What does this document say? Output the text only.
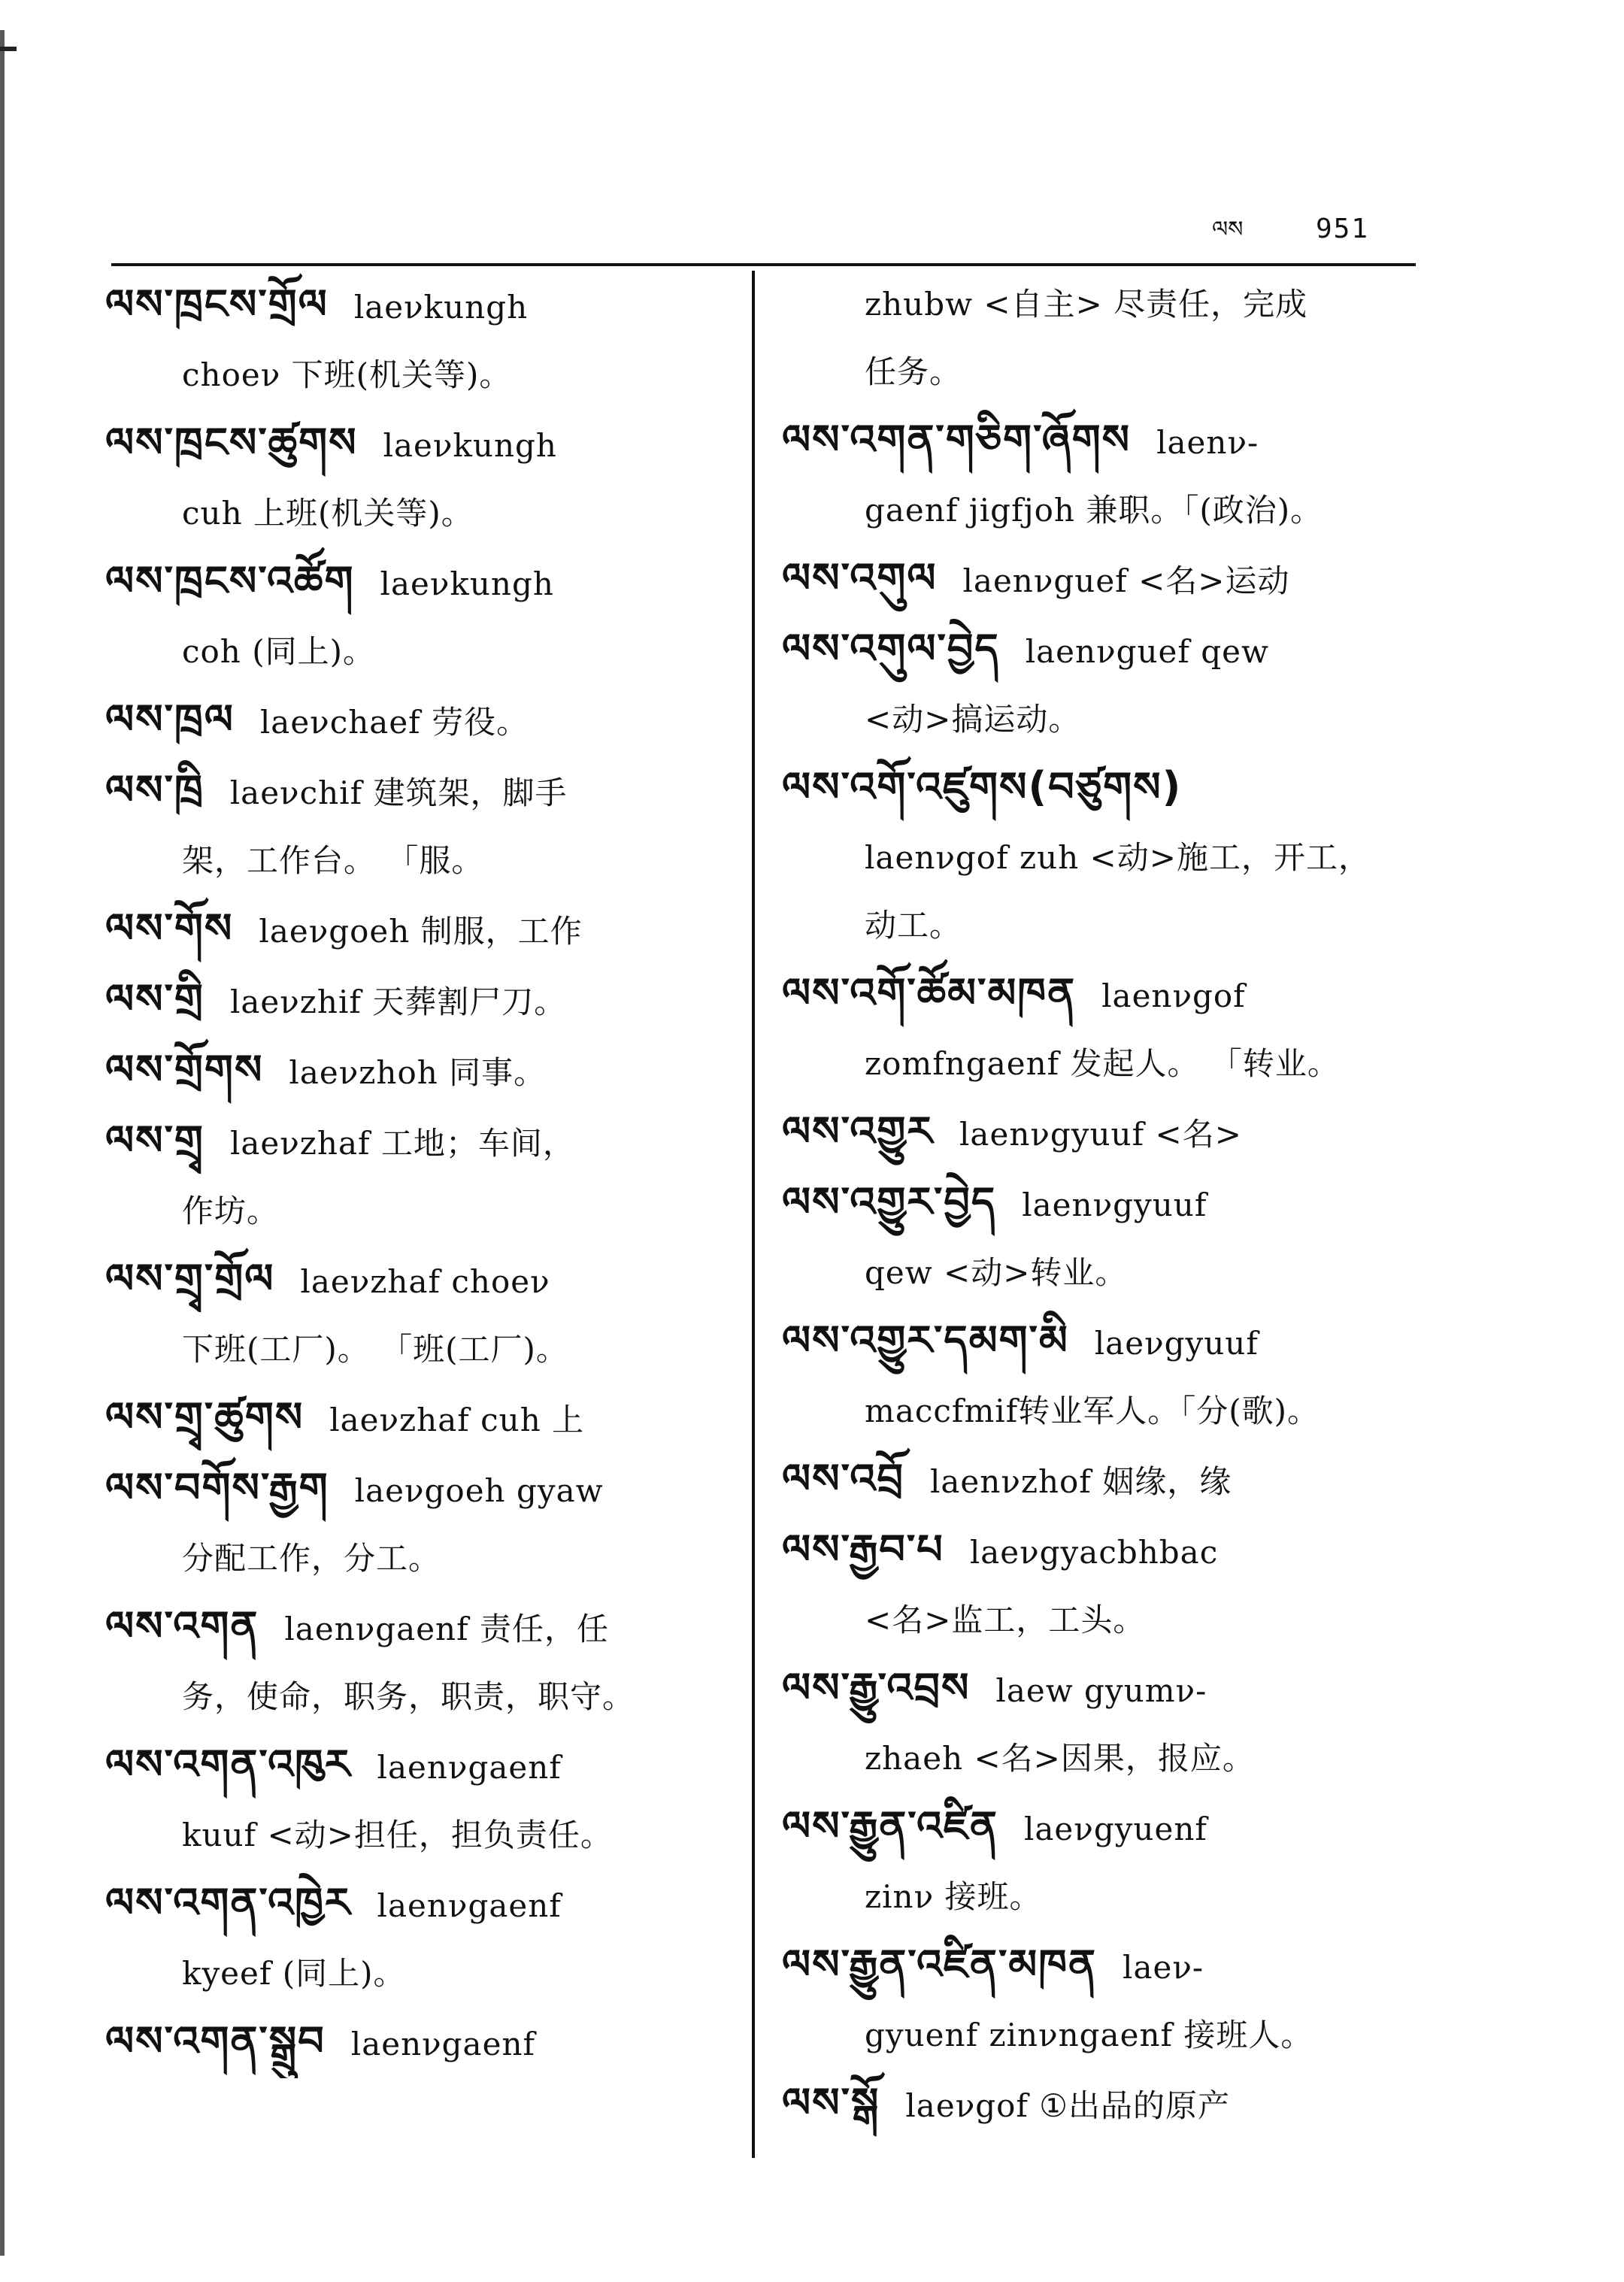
ལས	951
ལས་ཁྲངས་གྲོལ laeνkungh
choeν 下班(机关等)。
ལས་ཁྲངས་ཚུགས laeνkungh
cuh 上班(机关等)。
ལས་ཁྲངས་འཚོག laeνkungh
coh (同上)。
ལས་ཁྲལ laeνchaef 劳役。
ལས་ཁྲི laeνchif 建筑架，脚手
架，工作台。 「服。
ལས་གོས laeνgoeh 制服，工作
ལས་གྲི laeνzhif 天葬割尸刀。
ལས་གྲོགས laeνzhoh 同事。
ལས་གྲྭ laeνzhaf 工地；车间，
作坊。
ལས་གྲྭ་གྲོལ laeνzhaf choeν
下班(工厂)。 「班(工厂)。
ལས་གྲྭ་ཚུགས laeνzhaf cuh 上
ལས་བགོས་རྒྱག laeνgoeh gyaw
分配工作，分工。
ལས་འགན laenνgaenf 责任，任
务，使命，职务，职责，职守。
ལས་འགན་འཁུར laenνgaenf
kuuf <动>担任，担负责任。
ལས་འགན་འཁྱེར laenνgaenf
kyeef (同上)。
ལས་འགན་སྒྲུབ laenνgaenf
zhubw <自主> 尽责任，完成
任务。
ལས་འགན་གཅིག་ཞོགས laenν-
gaenf jigfjoh 兼职。「(政治)。
ལས་འགུལ laenνguef <名>运动
ལས་འགུལ་བྱེད laenνguef qew
<动>搞运动。
ལས་འགོ་འཛུགས(བཙུགས)
laenνgof zuh <动>施工，开工，
动工。
ལས་འགོ་ཚོམ་མཁན laenνgof
zomfngaenf 发起人。 「转业。
ལས་འགྱུར laenνgyuuf <名>
ལས་འགྱུར་བྱེད laenνgyuuf
qew <动>转业。
ལས་འགྱུར་དམག་མི laeνgyuuf
maccfmif转业军人。「分(歌)。
ལས་འབྲོ laenνzhof 姻缘，缘
ལས་རྒྱབ་པ laeνgyacbhbac
<名>监工，工头。
ལས་རྒྱུ་འབྲས laew gyumν-
zhaeh <名>因果，报应。
ལས་རྒྱུན་འཛིན laeνgyuenf
zinν 接班。
ལས་རྒྱུན་འཛིན་མཁན laeν-
gyuenf zinνngaenf 接班人。
ལས་སྒོ laeνgof ①出品的原产
